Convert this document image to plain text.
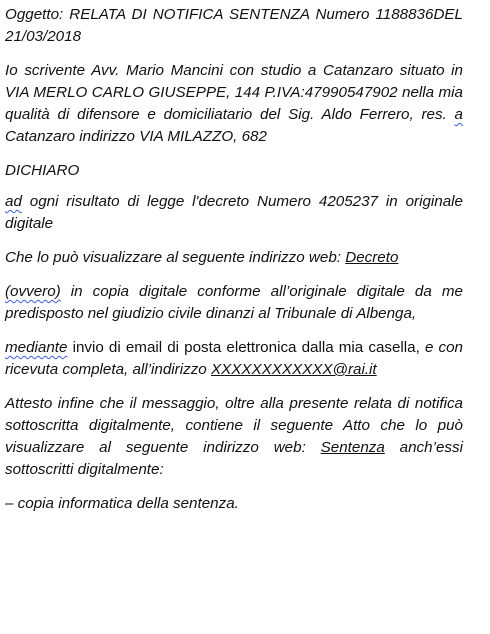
Oggetto: RELATA DI NOTIFICA SENTENZA Numero 1188836DEL 21/03/2018

Io scrivente Avv. Mario Mancini con studio a Catanzaro situato in VIA MERLO CARLO GIUSEPPE, 144 P.IVA:47990547902 nella mia qualità di difensore e domiciliatario del Sig. Aldo Ferrero, res. a Catanzaro indirizzo VIA MILAZZO, 682

DICHIARO

ad ogni risultato di legge l'decreto Numero 4205237 in originale digitale

Che lo può visualizzare al seguente indirizzo web: Decreto

(ovvero) in copia digitale conforme all’originale digitale da me predisposto nel giudizio civile dinanzi al Tribunale di Albenga,

mediante invio di email di posta elettronica dalla mia casella, e con ricevuta completa, all’indirizzo XXXXXXXXXXXX@rai.it

Attesto infine che il messaggio, oltre alla presente relata di notifica sottoscritta digitalmente, contiene il seguente Atto che lo può visualizzare al seguente indirizzo web: Sentenza anch’essi sottoscritti digitalmente:

– copia informatica della sentenza.
